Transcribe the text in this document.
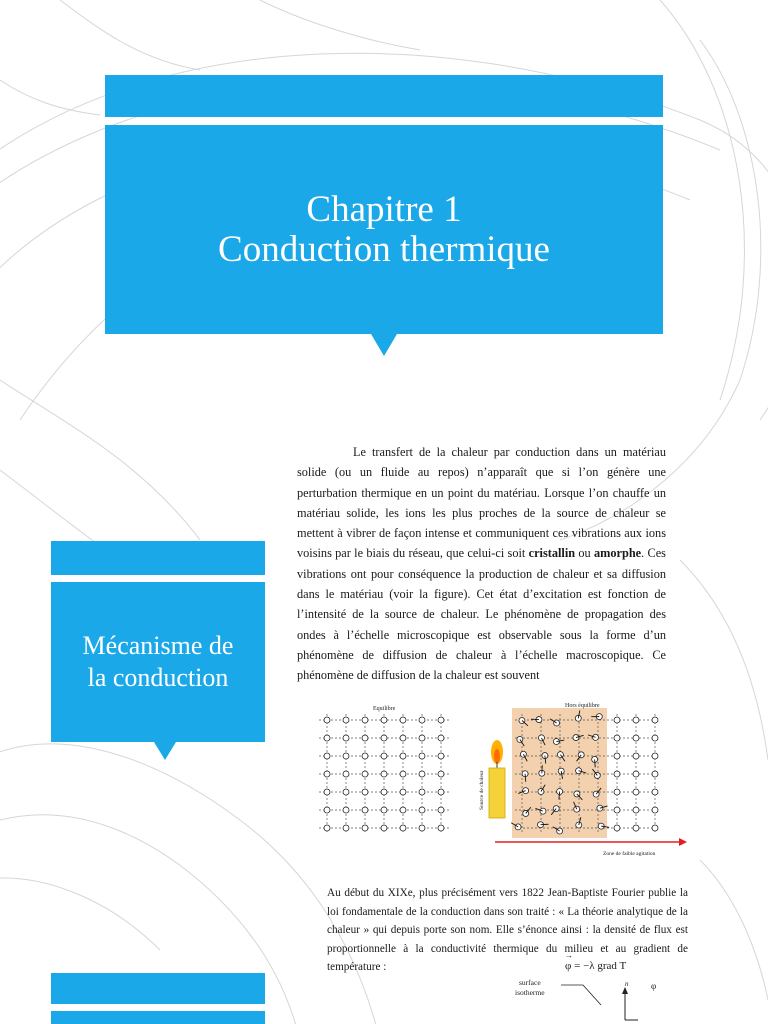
Chapitre 1
Conduction thermique
Mécanisme de
la conduction
Le transfert de la chaleur par conduction dans un matériau solide (ou un fluide au repos) n’apparaît que si l’on génère une perturbation thermique en un point du matériau. Lorsque l’on chauffe un matériau solide, les ions les plus proches de la source de chaleur se mettent à vibrer de façon intense et communiquent ces vibrations aux ions voisins par le biais du réseau, que celui-ci soit cristallin ou amorphe. Ces vibrations ont pour conséquence la production de chaleur et sa diffusion dans le matériau (voir la figure). Cet état d’excitation est fonction de l’intensité de la source de chaleur. Le phénomène de propagation des ondes à l’échelle microscopique est observable sous la forme d’un phénomène de diffusion de chaleur à l’échelle macroscopique. Ce phénomène de diffusion de la chaleur est souvent
Equilibre
Source de chaleur
Hors équilibre
Zone de faible agitation
Au début du XIXe, plus précisément vers 1822 Jean-Baptiste Fourier publie la loi fondamentale de la conduction dans son traité : « La théorie analytique de la chaleur » qui depuis porte son nom. Elle s’énonce ainsi : la densité de flux est proportionnelle à la conductivité thermique du milieu et au gradient de température :
→	φ = −λ grad T
surface
isotherme
n	φ
